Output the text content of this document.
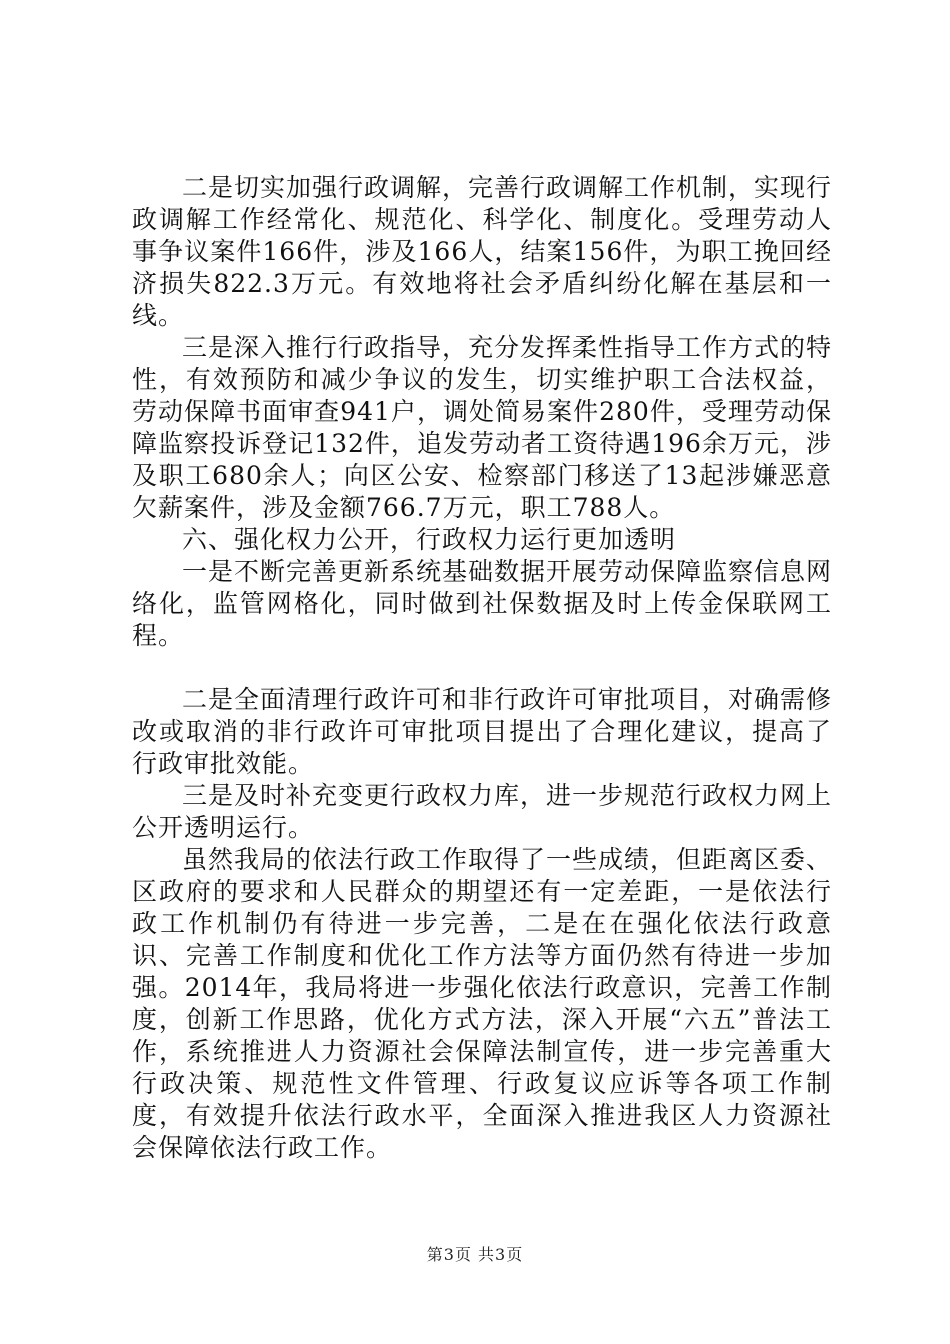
二是切实加强行政调解，完善行政调解工作机制，实现行政调解工作经常化、规范化、科学化、制度化。受理劳动人事争议案件166件，涉及166人，结案156件，为职工挽回经济损失822.3万元。有效地将社会矛盾纠纷化解在基层和一线。

三是深入推行行政指导，充分发挥柔性指导工作方式的特性，有效预防和减少争议的发生，切实维护职工合法权益，劳动保障书面审查941户，调处简易案件280件，受理劳动保障监察投诉登记132件，追发劳动者工资待遇196余万元，涉及职工680余人；向区公安、检察部门移送了13起涉嫌恶意欠薪案件，涉及金额766.7万元，职工788人。

六、强化权力公开，行政权力运行更加透明

一是不断完善更新系统基础数据开展劳动保障监察信息网络化，监管网格化，同时做到社保数据及时上传金保联网工程。

二是全面清理行政许可和非行政许可审批项目，对确需修改或取消的非行政许可审批项目提出了合理化建议，提高了行政审批效能。

三是及时补充变更行政权力库，进一步规范行政权力网上公开透明运行。

虽然我局的依法行政工作取得了一些成绩，但距离区委、区政府的要求和人民群众的期望还有一定差距，一是依法行政工作机制仍有待进一步完善，二是在在强化依法行政意识、完善工作制度和优化工作方法等方面仍然有待进一步加强。2014年，我局将进一步强化依法行政意识，完善工作制度，创新工作思路，优化方式方法，深入开展“六五”普法工作，系统推进人力资源社会保障法制宣传，进一步完善重大行政决策、规范性文件管理、行政复议应诉等各项工作制度，有效提升依法行政水平，全面深入推进我区人力资源社会保障依法行政工作。

第3页 共3页
